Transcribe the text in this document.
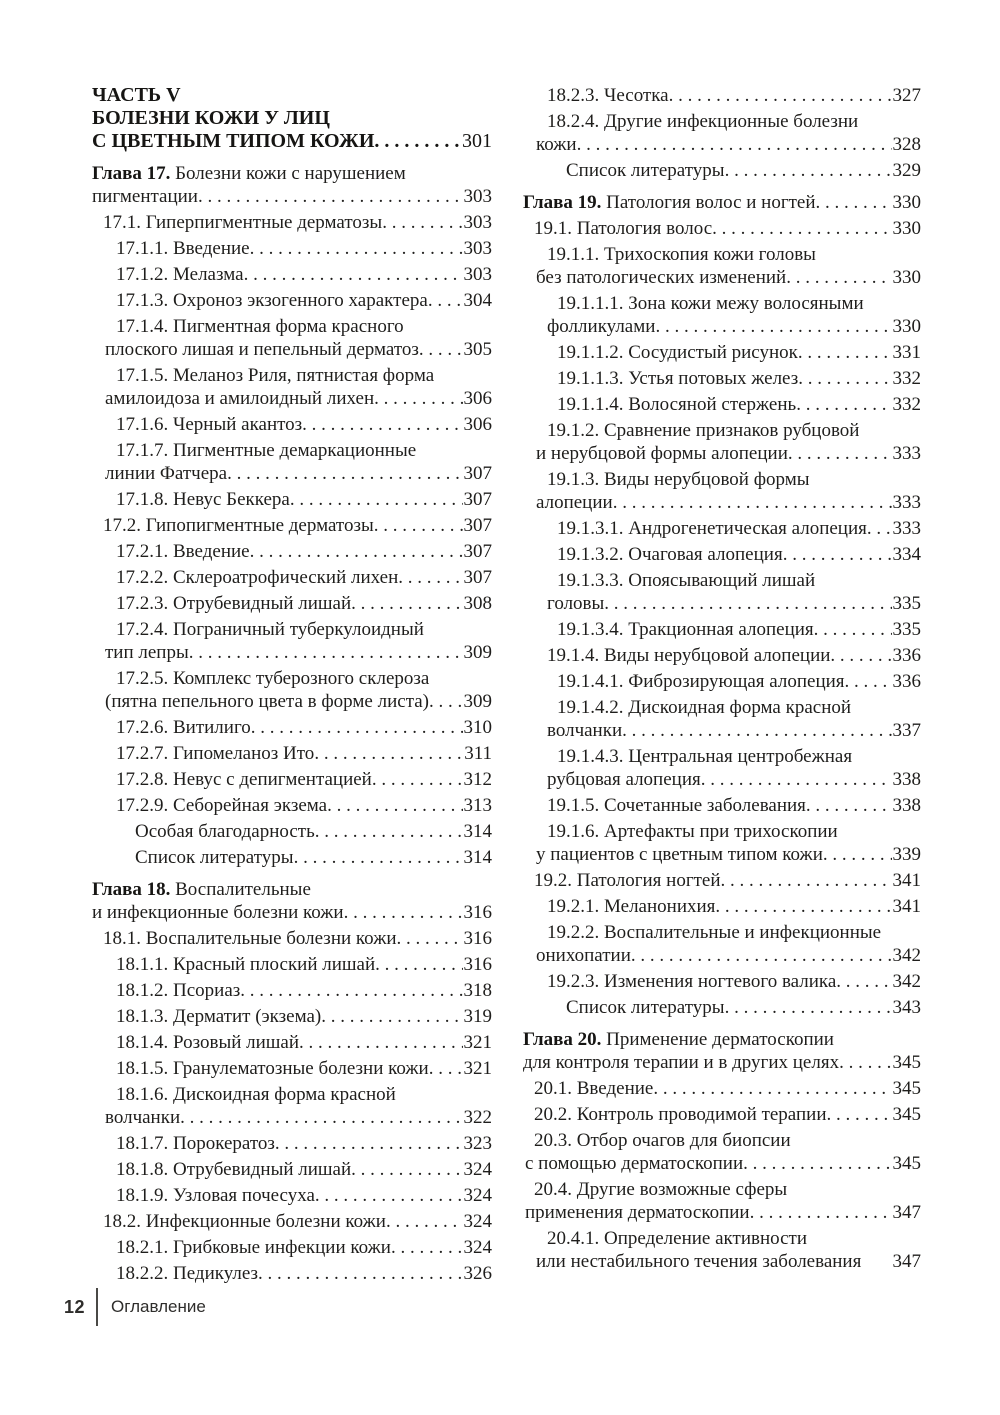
ЧАСТЬ V
БОЛЕЗНИ КОЖИ У ЛИЦ
С ЦВЕТНЫМ ТИПОМ КОЖИ . . .	301
Глава 17. Болезни кожи с нарушением
пигментации . . .	303
17.1. Гиперпигментные дерматозы . . .	303
17.1.1. Введение . . .	303
17.1.2. Мелазма . . .	303
17.1.3. Охроноз экзогенного характера . . . 304
17.1.4. Пигментная форма красного
плоского лишая и пепельный дерматоз . . . 305
17.1.5. Меланоз Риля, пятнистая форма
амилоидоза и амилоидный лихен . . .	306
17.1.6. Черный акантоз . . .	306
17.1.7. Пигментные демаркационные
линии Фатчера . . .	307
17.1.8. Невус Беккера . . .	307
17.2. Гипопигментные дерматозы . . .	307
17.2.1. Введение . . .	307
17.2.2. Склероатрофический лихен . . .	307
17.2.3. Отрубевидный лишай . . .	308
17.2.4. Пограничный туберкулоидный
тип лепры . . .	309
17.2.5. Комплекс туберозного склероза
(пятна пепельного цвета в форме листа) . . . 309
17.2.6. Витилиго . . .	310
17.2.7. Гипомеланоз Ито . . .	311
17.2.8. Невус с депигментацией . . .	312
17.2.9. Себорейная экзема . . .	313
Особая благодарность . . .	314
Список литературы . . .	314
Глава 18. Воспалительные
и инфекционные болезни кожи . . .	316
18.1. Воспалительные болезни кожи . . .	316
18.1.1. Красный плоский лишай . . .	316
18.1.2. Псориаз . . .	318
18.1.3. Дерматит (экзема) . . .	319
18.1.4. Розовый лишай . . .	321
18.1.5. Гранулематозные болезни кожи . . . 321
18.1.6. Дискоидная форма красной
волчанки . . .	322
18.1.7. Порокератоз . . .	323
18.1.8. Отрубевидный лишай . . .	324
18.1.9. Узловая почесуха . . .	324
18.2. Инфекционные болезни кожи . . .	324
18.2.1. Грибковые инфекции кожи . . .	324
18.2.2. Педикулез . . .	326
18.2.3. Чесотка . . .	327
18.2.4. Другие инфекционные болезни
кожи . . .	328
Список литературы . . .	329
Глава 19. Патология волос и ногтей . . .	330
19.1. Патология волос . . .	330
19.1.1. Трихоскопия кожи головы
без патологических изменений . . .	330
19.1.1.1. Зона кожи межу волосяными
фолликулами . . .	330
19.1.1.2. Сосудистый рисунок . . .	331
19.1.1.3. Устья потовых желез . . .	332
19.1.1.4. Волосяной стержень . . .	332
19.1.2. Сравнение признаков рубцовой
и нерубцовой формы алопеции . . .	333
19.1.3. Виды нерубцовой формы
алопеции . . .	333
19.1.3.1. Андрогенетическая алопеция . . . 333
19.1.3.2. Очаговая алопеция . . .	334
19.1.3.3. Опоясывающий лишай
головы . . .	335
19.1.3.4. Тракционная алопеция . . .	335
19.1.4. Виды нерубцовой алопеции . . .	336
19.1.4.1. Фиброзирующая алопеция . . .	336
19.1.4.2. Дискоидная форма красной
волчанки . . .	337
19.1.4.3. Центральная центробежная
рубцовая алопеция . . .	338
19.1.5. Сочетанные заболевания . . .	338
19.1.6. Артефакты при трихоскопии
у пациентов с цветным типом кожи . . .	339
19.2. Патология ногтей . . .	341
19.2.1. Меланонихия . . .	341
19.2.2. Воспалительные и инфекционные
онихопатии . . .	342
19.2.3. Изменения ногтевого валика . . .	342
Список литературы . . .	343
Глава 20. Применение дерматоскопии
для контроля терапии и в других целях . . .	345
20.1. Введение . . .	345
20.2. Контроль проводимой терапии . . .	345
20.3. Отбор очагов для биопсии
с помощью дерматоскопии . . .	345
20.4. Другие возможные сферы
применения дерматоскопии . . .	347
20.4.1. Определение активности
или нестабильного течения заболевания 347
12 Оглавление
